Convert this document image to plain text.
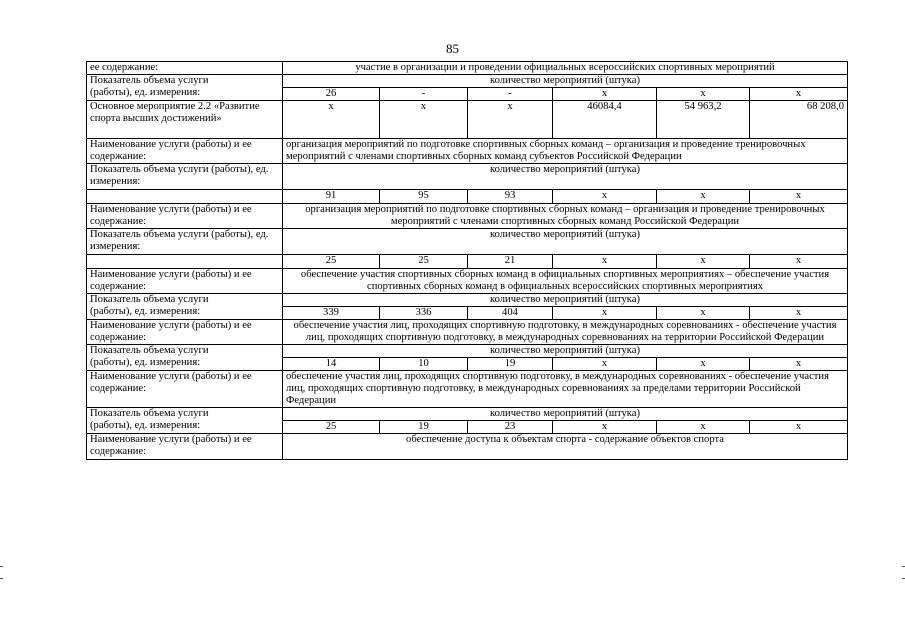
85
ее содержание:	участие в организации и проведении официальных всероссийских спортивных мероприятий					

Показатель объема услуги
(работы), ед. измерения:	количество мероприятий (штука)					
	26	-	-	x	x	x
Основное мероприятие 2.2 «Развитие спорта высших достижений»	x	x	x	46084,4	54 963,2	68 208,0
Наименование услуги (работы) и ее содержание:	организация мероприятий по подготовке спортивных сборных команд – организация и проведение тренировочных мероприятий с членами спортивных сборных команд субъектов Российской Федерации					
Показатель объема услуги (работы), ед. измерения:	количество мероприятий (штука)					
	91	95	93	x	x	x
Наименование услуги (работы) и ее содержание:	организация мероприятий по подготовке спортивных сборных команд – организация и проведение тренировочных мероприятий с членами спортивных сборных команд Российской Федерации					
Показатель объема услуги (работы), ед. измерения:	количество мероприятий (штука)					
	25	25	21	x	x	x
Наименование услуги (работы) и ее содержание:	обеспечение участия спортивных сборных команд в официальных спортивных мероприятиях – обеспечение участия спортивных сборных команд в официальных всероссийских спортивных мероприятиях					

Показатель объема услуги
(работы), ед. измерения:	количество мероприятий (штука)					
	339	336	404	x	x	x
Наименование услуги (работы) и ее содержание:	обеспечение участия лиц, проходящих спортивную подготовку, в международных соревнованиях - обеспечение участия лиц, проходящих спортивную подготовку, в международных соревнованиях на территории Российской Федерации					

Показатель объема услуги
(работы), ед. измерения:	количество мероприятий (штука)					
	14	10	19	x	x	x
Наименование услуги (работы) и ее содержание:	обеспечение участия лиц, проходящих спортивную подготовку, в международных соревнованиях - обеспечение участия лиц, проходящих спортивную подготовку, в международных соревнованиях за пределами территории Российской Федерации					

Показатель объема услуги
(работы), ед. измерения:	количество мероприятий (штука)					
	25	19	23	x	x	x
Наименование услуги (работы) и ее содержание:	обеспечение доступа к объектам спорта - содержание объектов спорта					
